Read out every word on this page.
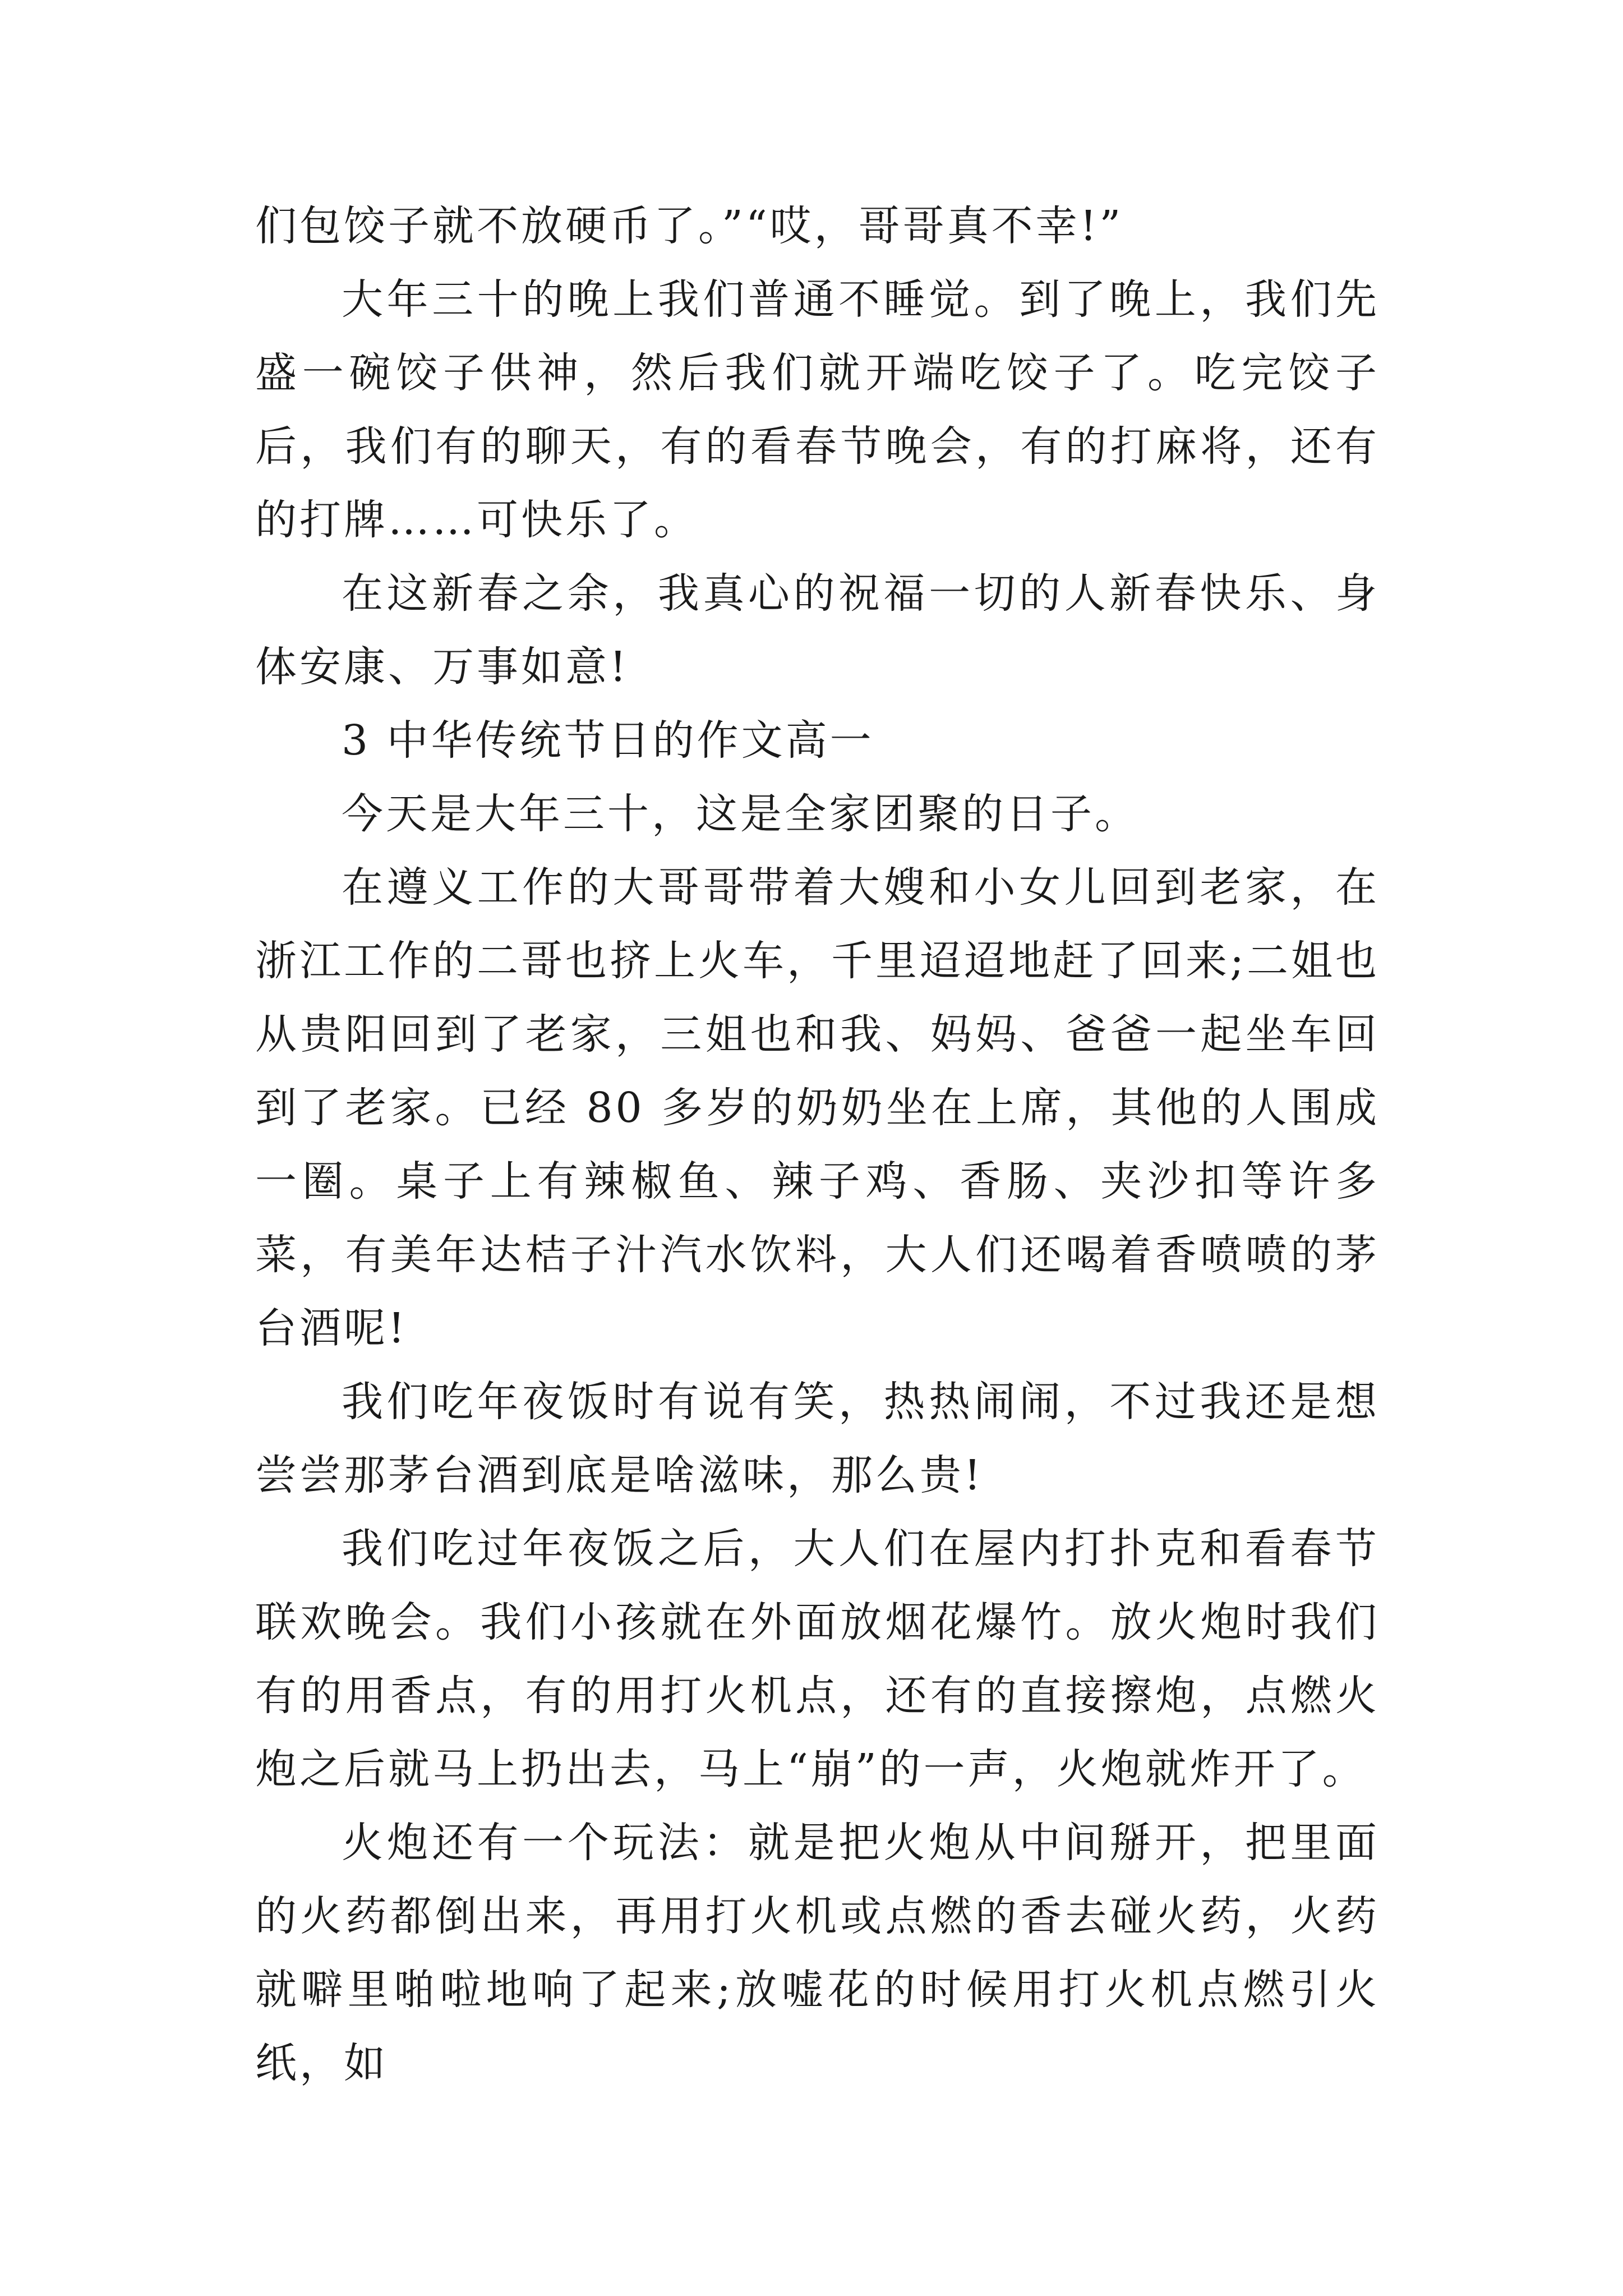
们包饺子就不放硬币了。”“哎，哥哥真不幸!”

大年三十的晚上我们普通不睡觉。到了晚上，我们先盛一碗饺子供神，然后我们就开端吃饺子了。吃完饺子后，我们有的聊天，有的看春节晚会，有的打麻将，还有的打牌……可快乐了。

在这新春之余，我真心的祝福一切的人新春快乐、身体安康、万事如意!

3 中华传统节日的作文高一

今天是大年三十，这是全家团聚的日子。

在遵义工作的大哥哥带着大嫂和小女儿回到老家，在浙江工作的二哥也挤上火车，千里迢迢地赶了回来;二姐也从贵阳回到了老家，三姐也和我、妈妈、爸爸一起坐车回到了老家。已经 80 多岁的奶奶坐在上席，其他的人围成一圈。桌子上有辣椒鱼、辣子鸡、香肠、夹沙扣等许多菜，有美年达桔子汁汽水饮料，大人们还喝着香喷喷的茅台酒呢!

我们吃年夜饭时有说有笑，热热闹闹，不过我还是想尝尝那茅台酒到底是啥滋味，那么贵!

我们吃过年夜饭之后，大人们在屋内打扑克和看春节联欢晚会。我们小孩就在外面放烟花爆竹。放火炮时我们有的用香点，有的用打火机点，还有的直接擦炮，点燃火炮之后就马上扔出去，马上“崩”的一声，火炮就炸开了。

火炮还有一个玩法：就是把火炮从中间掰开，把里面的火药都倒出来，再用打火机或点燃的香去碰火药，火药就噼里啪啦地响了起来;放嘘花的时候用打火机点燃引火纸，如
